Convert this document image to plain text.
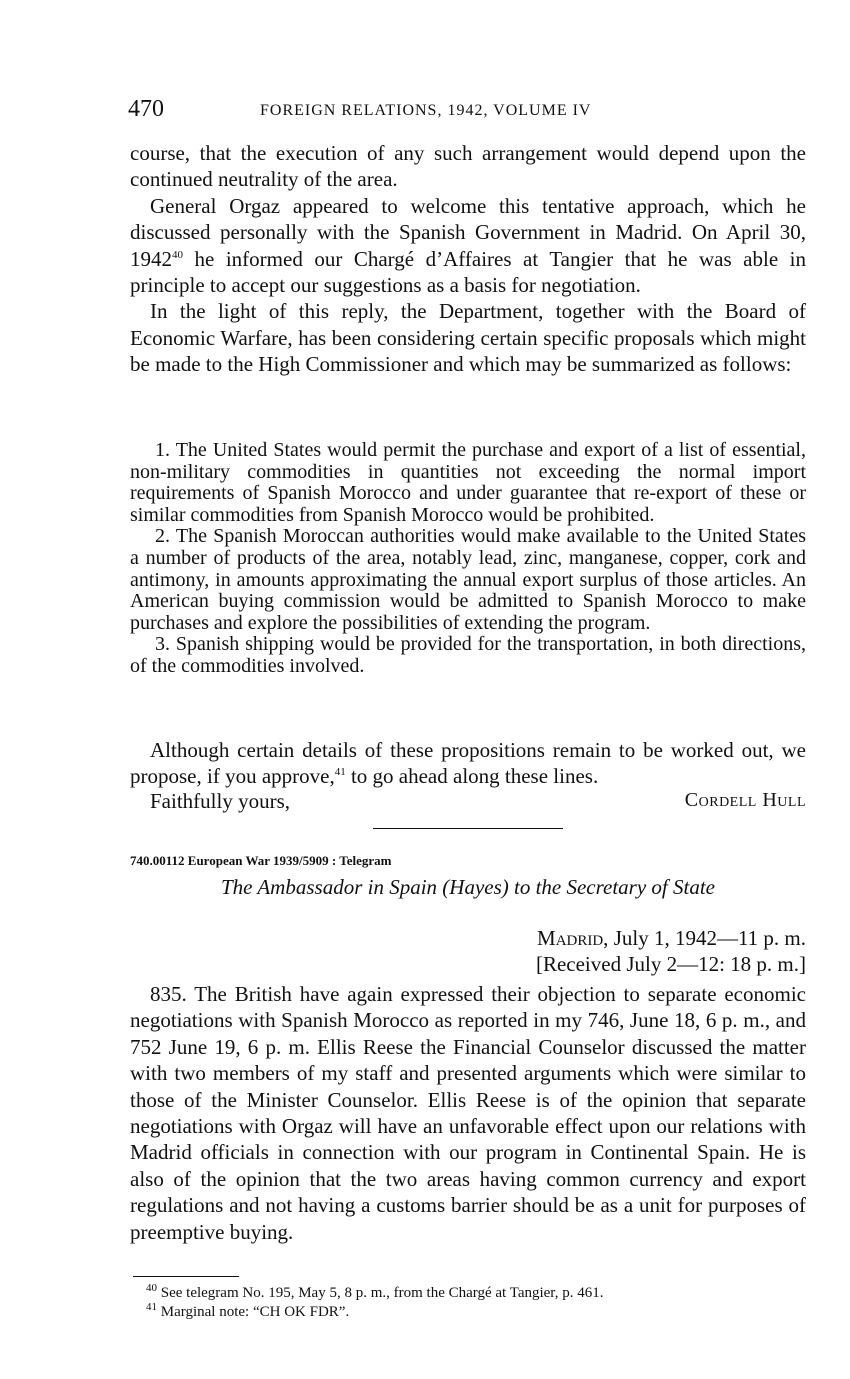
470	FOREIGN RELATIONS, 1942, VOLUME IV

course, that the execution of any such arrangement would depend upon the continued neutrality of the area.

General Orgaz appeared to welcome this tentative approach, which he discussed personally with the Spanish Government in Madrid. On April 30, 1942$^{40}$ he informed our Chargé d’Affaires at Tangier that he was able in principle to accept our suggestions as a basis for negotiation.

In the light of this reply, the Department, together with the Board of Economic Warfare, has been considering certain specific proposals which might be made to the High Commissioner and which may be summarized as follows:

1. The United States would permit the purchase and export of a list of essential, non-military commodities in quantities not exceeding the normal import requirements of Spanish Morocco and under guarantee that re-export of these or similar commodities from Spanish Morocco would be prohibited.

2. The Spanish Moroccan authorities would make available to the United States a number of products of the area, notably lead, zinc, manganese, copper, cork and antimony, in amounts approximating the annual export surplus of those articles. An American buying commission would be admitted to Spanish Morocco to make purchases and explore the possibilities of extending the program.

3. Spanish shipping would be provided for the transportation, in both directions, of the commodities involved.

Although certain details of these propositions remain to be worked out, we propose, if you approve,$^{41}$ to go ahead along these lines.

Faithfully yours,	Cordell Hull
740.00112 European War 1939/5909 : Telegram
The Ambassador in Spain (Hayes) to the Secretary of State
Madrid, July 1, 1942—11 p. m.
[Received July 2—12: 18 p. m.]

835. The British have again expressed their objection to separate economic negotiations with Spanish Morocco as reported in my 746, June 18, 6 p. m., and 752 June 19, 6 p. m. Ellis Reese the Financial Counselor discussed the matter with two members of my staff and presented arguments which were similar to those of the Minister Counselor. Ellis Reese is of the opinion that separate negotiations with Orgaz will have an unfavorable effect upon our relations with Madrid officials in connection with our program in Continental Spain. He is also of the opinion that the two areas having common currency and export regulations and not having a customs barrier should be as a unit for purposes of preemptive buying.

$^{40}$ See telegram No. 195, May 5, 8 p. m., from the Chargé at Tangier, p. 461.

$^{41}$ Marginal note: “CH OK FDR”.
